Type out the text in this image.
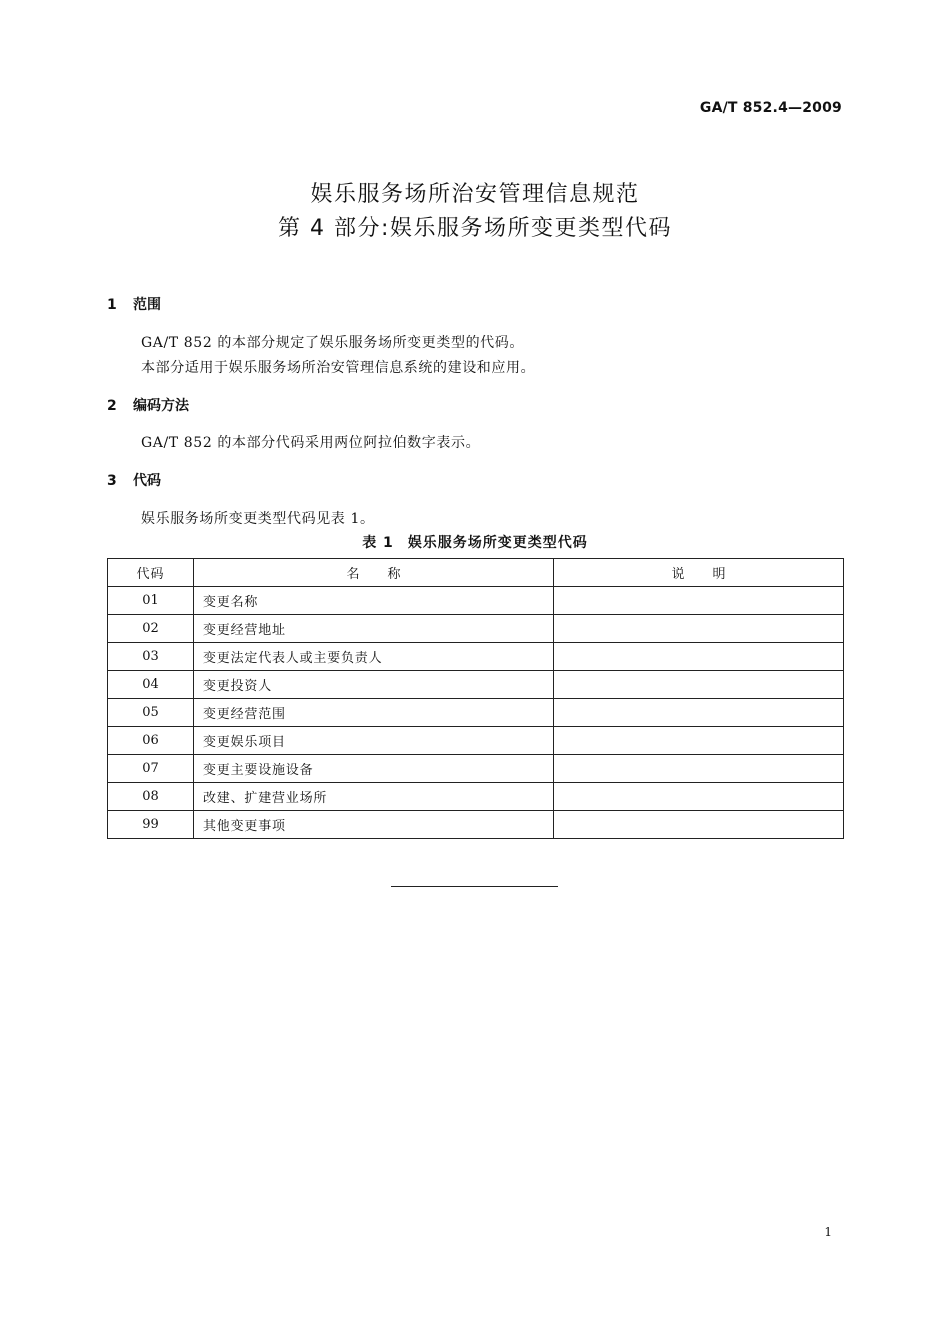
GA/T 852.4—2009
娱乐服务场所治安管理信息规范
第 4 部分:娱乐服务场所变更类型代码
1 范围
GA/T 852 的本部分规定了娱乐服务场所变更类型的代码。
本部分适用于娱乐服务场所治安管理信息系统的建设和应用。
2 编码方法
GA/T 852 的本部分代码采用两位阿拉伯数字表示。
3 代码
娱乐服务场所变更类型代码见表 1。
表 1 娱乐服务场所变更类型代码
代码	名称	说明
01	变更名称	
02	变更经营地址	
03	变更法定代表人或主要负责人	
04	变更投资人	
05	变更经营范围	
06	变更娱乐项目	
07	变更主要设施设备	
08	改建、扩建营业场所	
99	其他变更事项	
1
